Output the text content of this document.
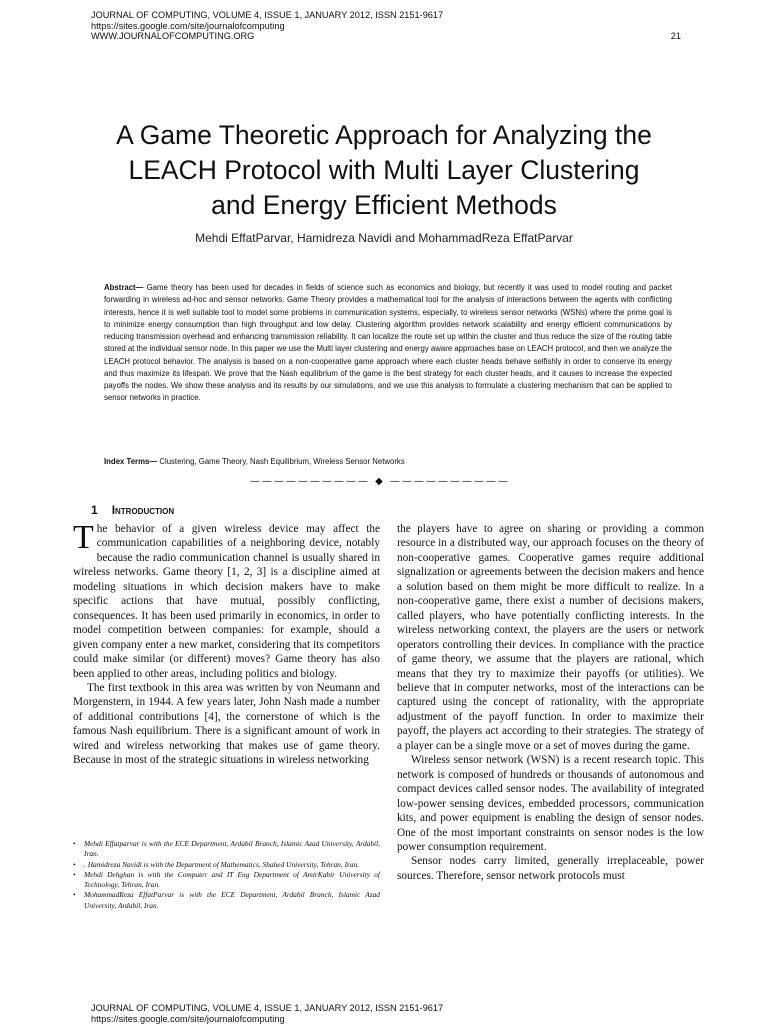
JOURNAL OF COMPUTING, VOLUME 4, ISSUE 1, JANUARY 2012, ISSN 2151-9617
https://sites.google.com/site/journalofcomputing
WWW.JOURNALOFCOMPUTING.ORG	21
A Game Theoretic Approach for Analyzing the
LEACH Protocol with Multi Layer Clustering
and Energy Efficient Methods
Mehdi EffatParvar, Hamidreza Navidi and MohammadReza EffatParvar
Abstract— Game theory has been used for decades in fields of science such as economics and biology, but recently it was used to model routing and packet forwarding in wireless ad-hoc and sensor networks. Game Theory provides a mathematical tool for the analysis of interactions between the agents with conflicting interests, hence it is well suitable tool to model some problems in communication systems, especially, to wireless sensor networks (WSNs) where the prime goal is to minimize energy consumption than high throughput and low delay. Clustering algorithm provides network scalability and energy efficient communications by reducing transmission overhead and enhancing transmission reliability. It can localize the route set up within the cluster and thus reduce the size of the routing table stored at the individual sensor node. In this paper we use the Multi layer clustering and energy aware approaches base on LEACH protocol, and then we analyze the LEACH protocol behavior. The analysis is based on a non-cooperative game approach where each cluster heads behave selfishly in order to conserve its energy and thus maximize its lifespan. We prove that the Nash equilibrium of the game is the best strategy for each cluster heads, and it causes to increase the expected payoffs the nodes. We show these analysis and its results by our simulations, and we use this analysis to formulate a clustering mechanism that can be applied to sensor networks in practice.
Index Terms— Clustering, Game Theory, Nash Equilibrium, Wireless Sensor Networks
—————————— ◆ ——————————
1 Introduction

The behavior of a given wireless device may affect the communication capabilities of a neighboring device, notably because the radio communication channel is usually shared in wireless networks. Game theory [1, 2, 3] is a discipline aimed at modeling situations in which decision makers have to make specific actions that have mutual, possibly conflicting, consequences. It has been used primarily in economics, in order to model competition between companies: for example, should a given company enter a new market, considering that its competitors could make similar (or different) moves? Game theory has also been applied to other areas, including politics and biology.

The first textbook in this area was written by von Neumann and Morgenstern, in 1944. A few years later, John Nash made a number of additional contributions [4], the cornerstone of which is the famous Nash equilibrium. There is a significant amount of work in wired and wireless networking that makes use of game theory. Because in most of the strategic situations in wireless networking

the players have to agree on sharing or providing a common resource in a distributed way, our approach focuses on the theory of non-cooperative games. Cooperative games require additional signalization or agreements between the decision makers and hence a solution based on them might be more difficult to realize. In a non-cooperative game, there exist a number of decisions makers, called players, who have potentially conflicting interests. In the wireless networking context, the players are the users or network operators controlling their devices. In compliance with the practice of game theory, we assume that the players are rational, which means that they try to maximize their payoffs (or utilities). We believe that in computer networks, most of the interactions can be captured using the concept of rationality, with the appropriate adjustment of the payoff function. In order to maximize their payoff, the players act according to their strategies. The strategy of a player can be a single move or a set of moves during the game.

Wireless sensor network (WSN) is a recent research topic. This network is composed of hundreds or thousands of autonomous and compact devices called sensor nodes. The availability of integrated low-power sensing devices, embedded processors, communication kits, and power equipment is enabling the design of sensor nodes. One of the most important constraints on sensor nodes is the low power consumption requirement.

Sensor nodes carry limited, generally irreplaceable, power sources. Therefore, sensor network protocols must

• Mehdi Effatparvar is with the ECE Department, Ardabil Branch, Islamic Azad University, Ardabil, Iran.
• . Hamidreza Navidi is with the Department of Mathematics, Shahed University, Tehran, Iran.
• Mehdi Dehghan is with the Computer and IT Eng Department of AmirKabir University of Technology, Tehran, Iran.
• MohammadReza EffatParvar is with the ECE Department, Ardabil Branch, Islamic Azad University, Ardabil, Iran.
JOURNAL OF COMPUTING, VOLUME 4, ISSUE 1, JANUARY 2012, ISSN 2151-9617
https://sites.google.com/site/journalofcomputing
